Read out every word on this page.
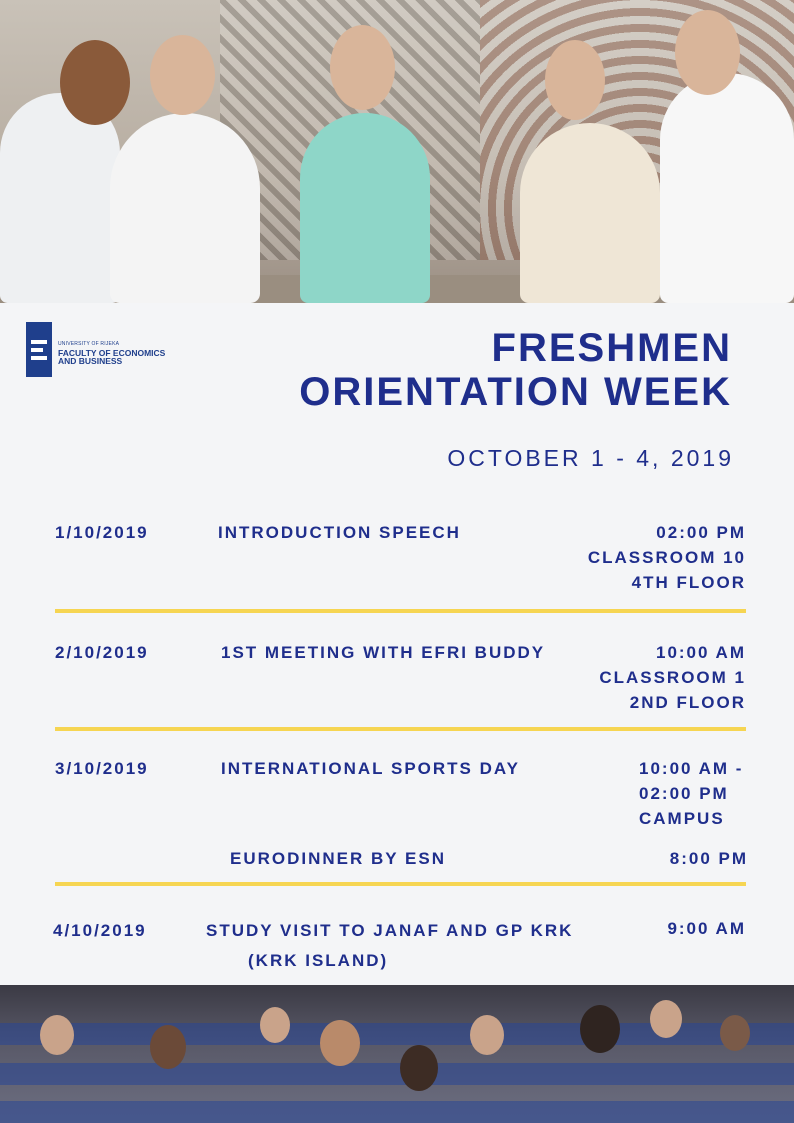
UNIVERSITY OF RIJEKA
FACULTY OF ECONOMICS
AND BUSINESS	FRESHMEN
ORIENTATION WEEK
OCTOBER 1 - 4, 2019
1/10/2019	INTRODUCTION SPEECH	02:00 PM
CLASSROOM 10
4TH FLOOR
2/10/2019	1ST MEETING WITH EFRI BUDDY	10:00 AM
CLASSROOM 1
2ND FLOOR
3/10/2019	INTERNATIONAL SPORTS DAY	10:00 AM -
02:00 PM
CAMPUS
EURODINNER BY ESN	8:00 PM
4/10/2019	STUDY VISIT TO JANAF AND GP KRK
(KRK ISLAND)
9:00 AM
